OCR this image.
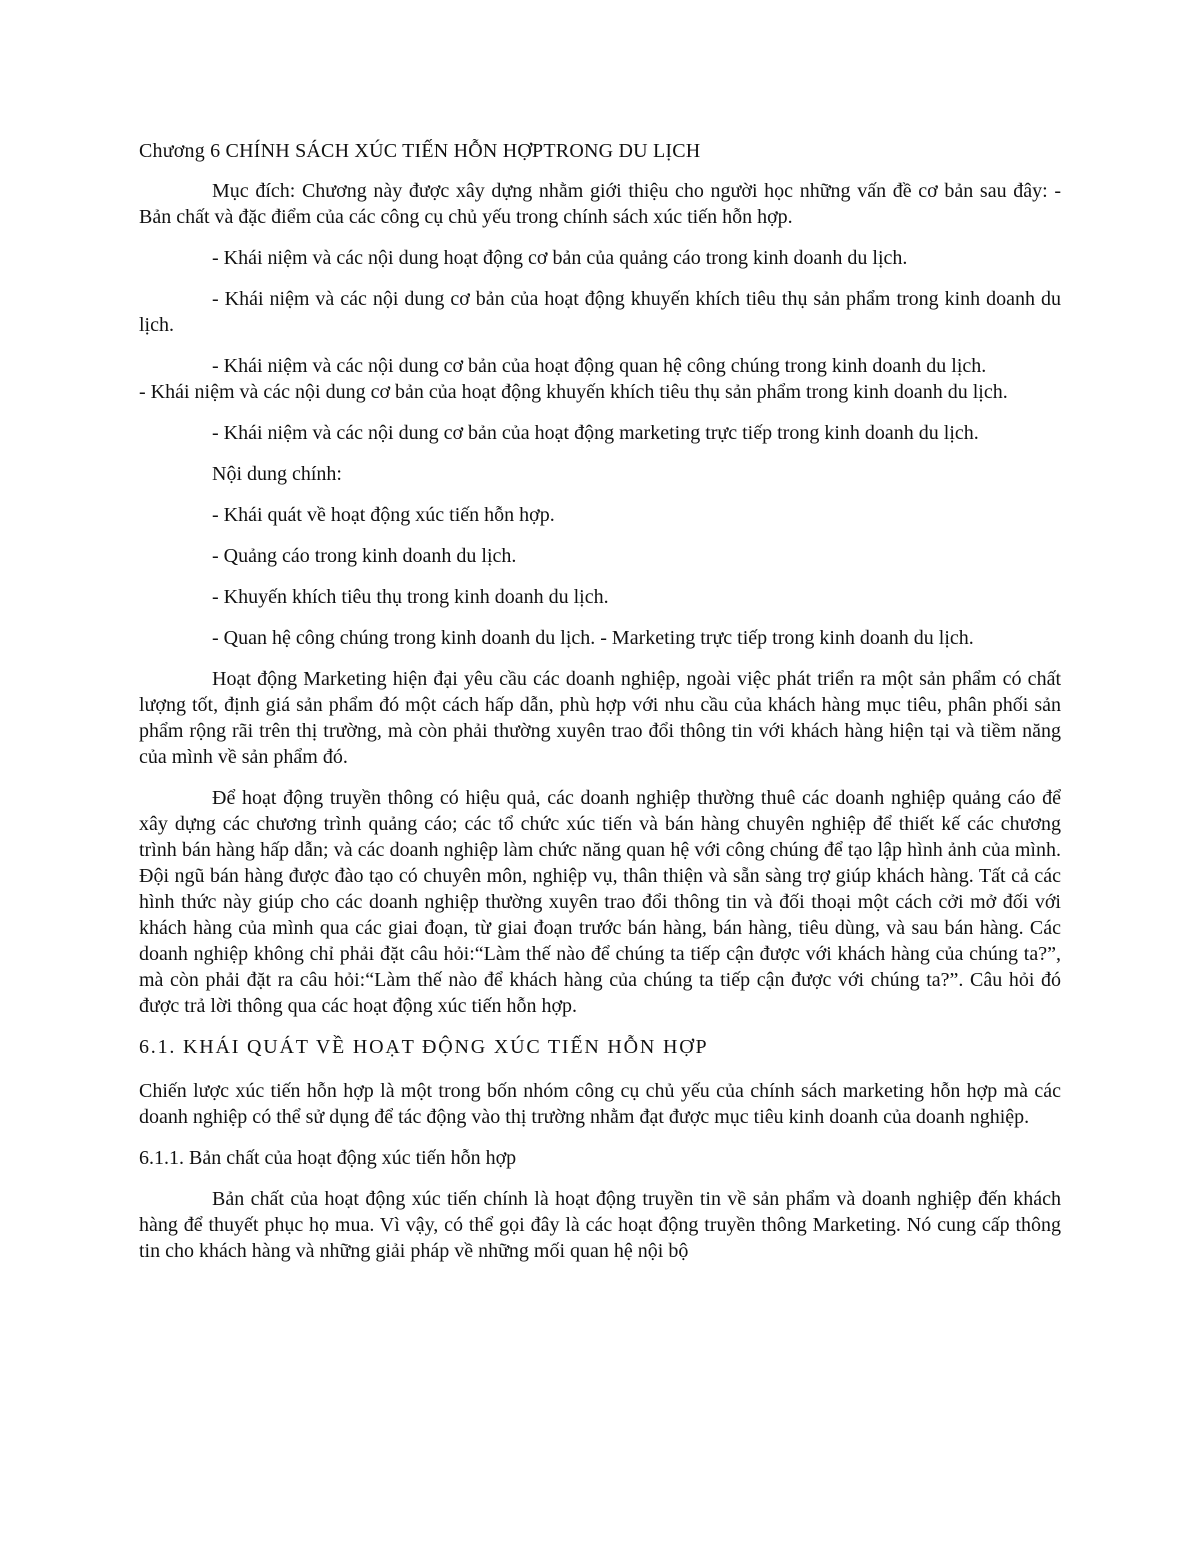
Chương 6 CHÍNH SÁCH XÚC TIẾN HỖN HỢPTRONG DU LỊCH

Mục đích: Chương này được xây dựng nhằm giới thiệu cho người học những vấn đề cơ bản sau đây: - Bản chất và đặc điểm của các công cụ chủ yếu trong chính sách xúc tiến hỗn hợp.

- Khái niệm và các nội dung hoạt động cơ bản của quảng cáo trong kinh doanh du lịch.

- Khái niệm và các nội dung cơ bản của hoạt động khuyến khích tiêu thụ sản phẩm trong kinh doanh du lịch.

- Khái niệm và các nội dung cơ bản của hoạt động quan hệ công chúng trong kinh doanh du lịch.

- Khái niệm và các nội dung cơ bản của hoạt động khuyến khích tiêu thụ sản phẩm trong kinh doanh du lịch.

- Khái niệm và các nội dung cơ bản của hoạt động marketing trực tiếp trong kinh doanh du lịch.

Nội dung chính:

- Khái quát về hoạt động xúc tiến hỗn hợp.

- Quảng cáo trong kinh doanh du lịch.

- Khuyến khích tiêu thụ trong kinh doanh du lịch.

- Quan hệ công chúng trong kinh doanh du lịch. - Marketing trực tiếp trong kinh doanh du lịch.

Hoạt động Marketing hiện đại yêu cầu các doanh nghiệp, ngoài việc phát triển ra một sản phẩm có chất lượng tốt, định giá sản phẩm đó một cách hấp dẫn, phù hợp với nhu cầu của khách hàng mục tiêu, phân phối sản phẩm rộng rãi trên thị trường, mà còn phải thường xuyên trao đổi thông tin với khách hàng hiện tại và tiềm năng của mình về sản phẩm đó.

Để hoạt động truyền thông có hiệu quả, các doanh nghiệp thường thuê các doanh nghiệp quảng cáo để xây dựng các chương trình quảng cáo; các tổ chức xúc tiến và bán hàng chuyên nghiệp để thiết kế các chương trình bán hàng hấp dẫn; và các doanh nghiệp làm chức năng quan hệ với công chúng để tạo lập hình ảnh của mình. Đội ngũ bán hàng được đào tạo có chuyên môn, nghiệp vụ, thân thiện và sẵn sàng trợ giúp khách hàng. Tất cả các hình thức này giúp cho các doanh nghiệp thường xuyên trao đổi thông tin và đối thoại một cách cởi mở đối với khách hàng của mình qua các giai đoạn, từ giai đoạn trước bán hàng, bán hàng, tiêu dùng, và sau bán hàng. Các doanh nghiệp không chỉ phải đặt câu hỏi:“Làm thế nào để chúng ta tiếp cận được với khách hàng của chúng ta?”, mà còn phải đặt ra câu hỏi:“Làm thế nào để khách hàng của chúng ta tiếp cận được với chúng ta?”. Câu hỏi đó được trả lời thông qua các hoạt động xúc tiến hỗn hợp.

6.1. KHÁI QUÁT VỀ HOẠT ĐỘNG XÚC TIẾN HỖN HỢP

Chiến lược xúc tiến hỗn hợp là một trong bốn nhóm công cụ chủ yếu của chính sách marketing hỗn hợp mà các doanh nghiệp có thể sử dụng để tác động vào thị trường nhằm đạt được mục tiêu kinh doanh của doanh nghiệp.

6.1.1. Bản chất của hoạt động xúc tiến hỗn hợp

Bản chất của hoạt động xúc tiến chính là hoạt động truyền tin về sản phẩm và doanh nghiệp đến khách hàng để thuyết phục họ mua. Vì vậy, có thể gọi đây là các hoạt động truyền thông Marketing. Nó cung cấp thông tin cho khách hàng và những giải pháp về những mối quan hệ nội bộ
